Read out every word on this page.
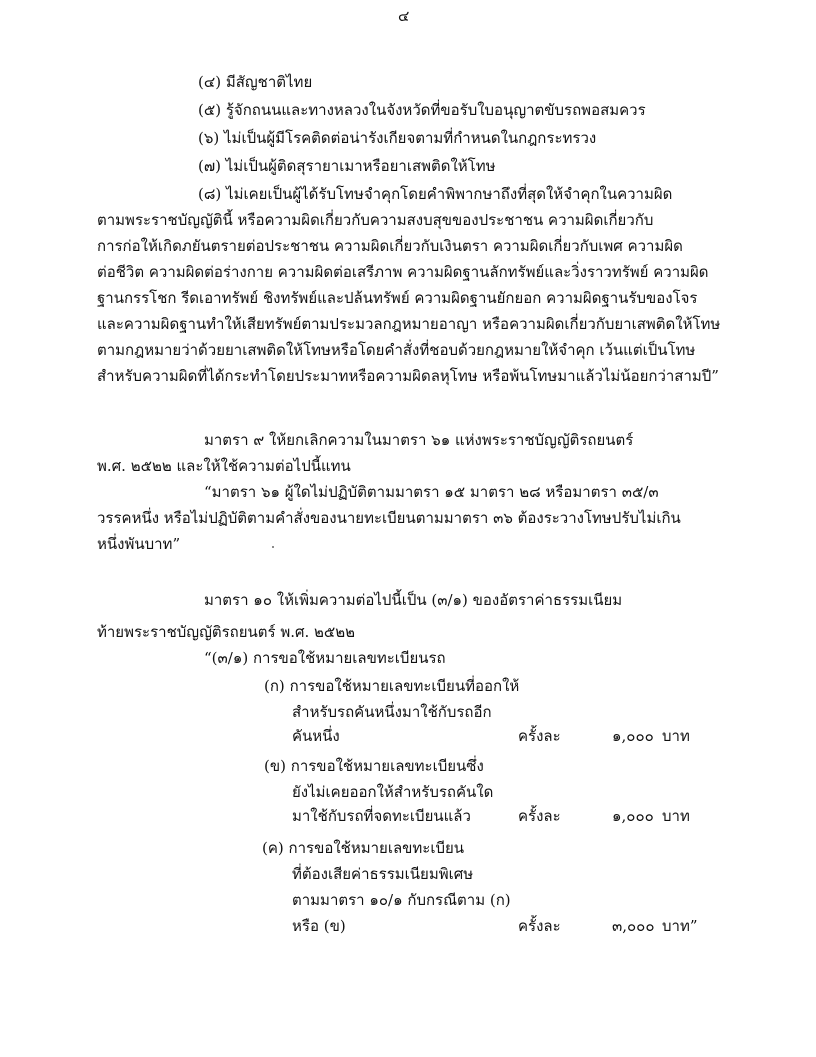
๔
(๔) มีสัญชาติไทย
(๕) รู้จักถนนและทางหลวงในจังหวัดที่ขอรับใบอนุญาตขับรถพอสมควร
(๖) ไม่เป็นผู้มีโรคติดต่อน่ารังเกียจตามที่กำหนดในกฎกระทรวง
(๗) ไม่เป็นผู้ติดสุรายาเมาหรือยาเสพติดให้โทษ
(๘) ไม่เคยเป็นผู้ได้รับโทษจำคุกโดยคำพิพากษาถึงที่สุดให้จำคุกในความผิด
ตามพระราชบัญญัตินี้ หรือความผิดเกี่ยวกับความสงบสุขของประชาชน ความผิดเกี่ยวกับ
การก่อให้เกิดภยันตรายต่อประชาชน ความผิดเกี่ยวกับเงินตรา ความผิดเกี่ยวกับเพศ ความผิด
ต่อชีวิต ความผิดต่อร่างกาย ความผิดต่อเสรีภาพ ความผิดฐานลักทรัพย์และวิ่งราวทรัพย์ ความผิด
ฐานกรรโชก รีดเอาทรัพย์ ชิงทรัพย์และปล้นทรัพย์ ความผิดฐานยักยอก ความผิดฐานรับของโจร
และความผิดฐานทำให้เสียทรัพย์ตามประมวลกฎหมายอาญา หรือความผิดเกี่ยวกับยาเสพติดให้โทษ
ตามกฎหมายว่าด้วยยาเสพติดให้โทษหรือโดยคำสั่งที่ชอบด้วยกฎหมายให้จำคุก เว้นแต่เป็นโทษ
สำหรับความผิดที่ได้กระทำโดยประมาทหรือความผิดลหุโทษ หรือพ้นโทษมาแล้วไม่น้อยกว่าสามปี”
มาตรา ๙ ให้ยกเลิกความในมาตรา ๖๑ แห่งพระราชบัญญัติรถยนตร์
พ.ศ. ๒๕๒๒ และให้ใช้ความต่อไปนี้แทน
“มาตรา ๖๑ ผู้ใดไม่ปฏิบัติตามมาตรา ๑๕ มาตรา ๒๘ หรือมาตรา ๓๕/๓
วรรคหนึ่ง หรือไม่ปฏิบัติตามคำสั่งของนายทะเบียนตามมาตรา ๓๖ ต้องระวางโทษปรับไม่เกิน
หนึ่งพันบาท”
มาตรา ๑๐ ให้เพิ่มความต่อไปนี้เป็น (๓/๑) ของอัตราค่าธรรมเนียม
ท้ายพระราชบัญญัติรถยนตร์ พ.ศ. ๒๕๒๒
“(๓/๑) การขอใช้หมายเลขทะเบียนรถ
(ก) การขอใช้หมายเลขทะเบียนที่ออกให้
สำหรับรถคันหนึ่งมาใช้กับรถอีก
คันหนึ่ง	ครั้งละ	๑,๐๐๐ บาท
(ข) การขอใช้หมายเลขทะเบียนซึ่ง
ยังไม่เคยออกให้สำหรับรถคันใด
มาใช้กับรถที่จดทะเบียนแล้ว	ครั้งละ	๑,๐๐๐ บาท
(ค) การขอใช้หมายเลขทะเบียน
ที่ต้องเสียค่าธรรมเนียมพิเศษ
ตามมาตรา ๑๐/๑ กับกรณีตาม (ก)
หรือ (ข)	ครั้งละ	๓,๐๐๐ บาท”
